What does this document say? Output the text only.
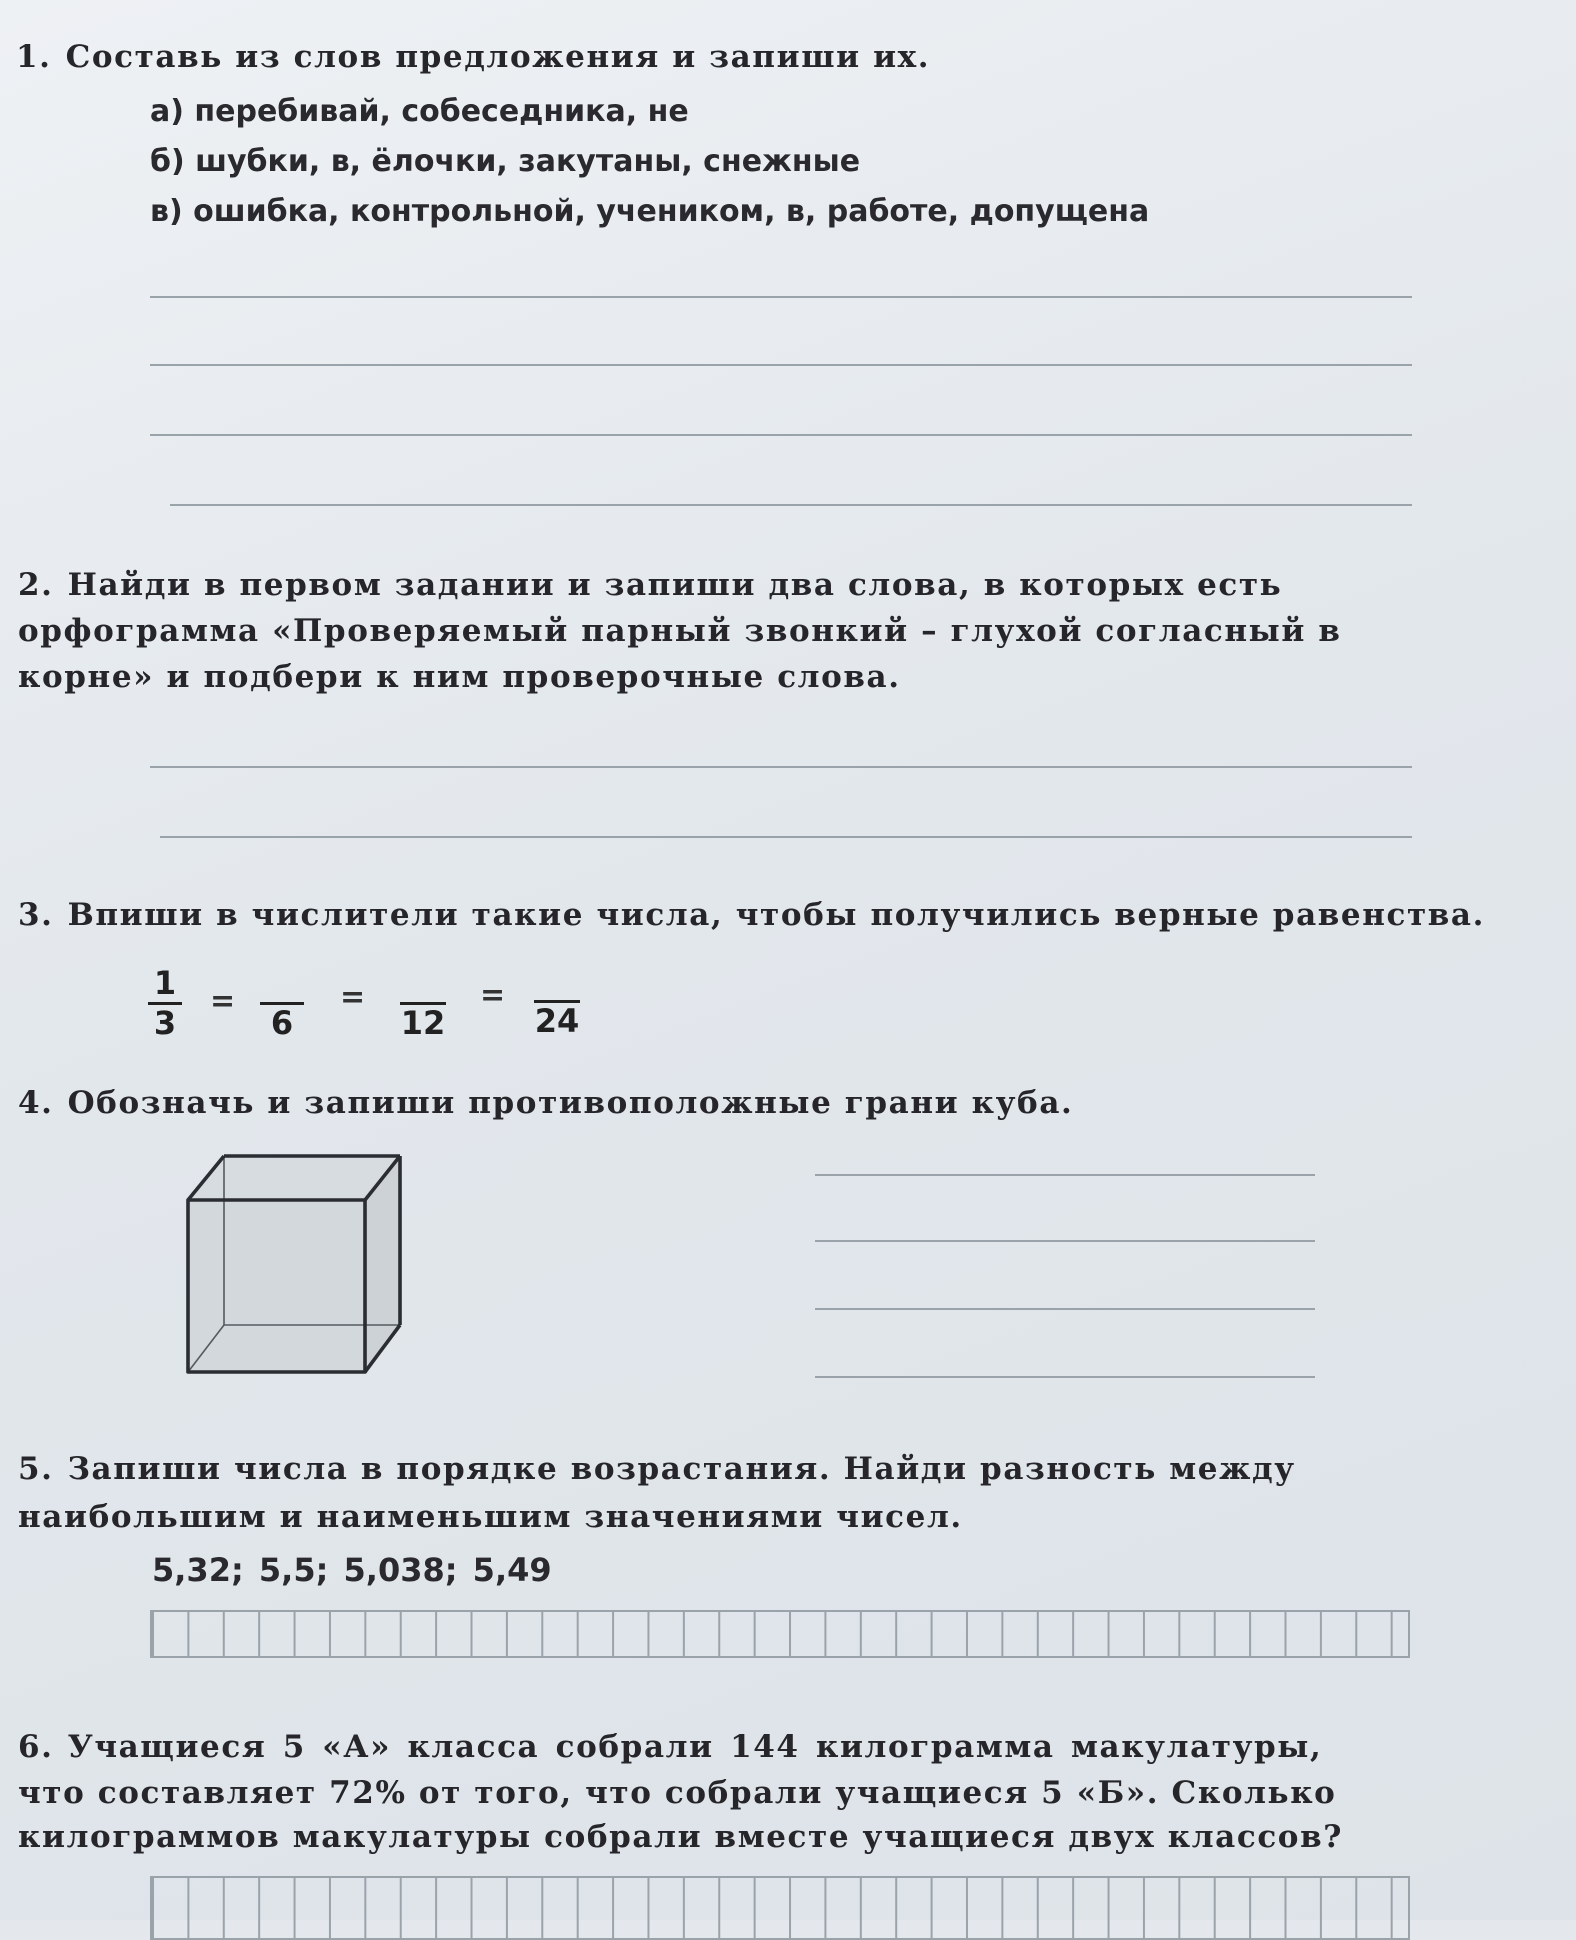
1. Составь из слов предложения и запиши их.

а) перебивай, собеседника, не

б) шубки, в, ёлочки, закутаны, снежные

в) ошибка, контрольной, учеником, в, работе, допущена

2. Найди в первом задании и запиши два слова, в которых есть

орфограмма «Проверяемый парный звонкий – глухой согласный в

корне» и подбери к ним проверочные слова.

3. Впиши в числители такие числа, чтобы получились верные равенства.

1
3
=
6
=
12
=
24

4. Обозначь и запиши противоположные грани куба.

5. Запиши числа в порядке возрастания. Найди разность между

наибольшим и наименьшим значениями чисел.

5,32; 5,5; 5,038; 5,49

6. Учащиеся 5 «А» класса собрали 144 килограмма макулатуры,

что составляет 72% от того, что собрали учащиеся 5 «Б». Сколько

килограммов макулатуры собрали вместе учащиеся двух классов?
